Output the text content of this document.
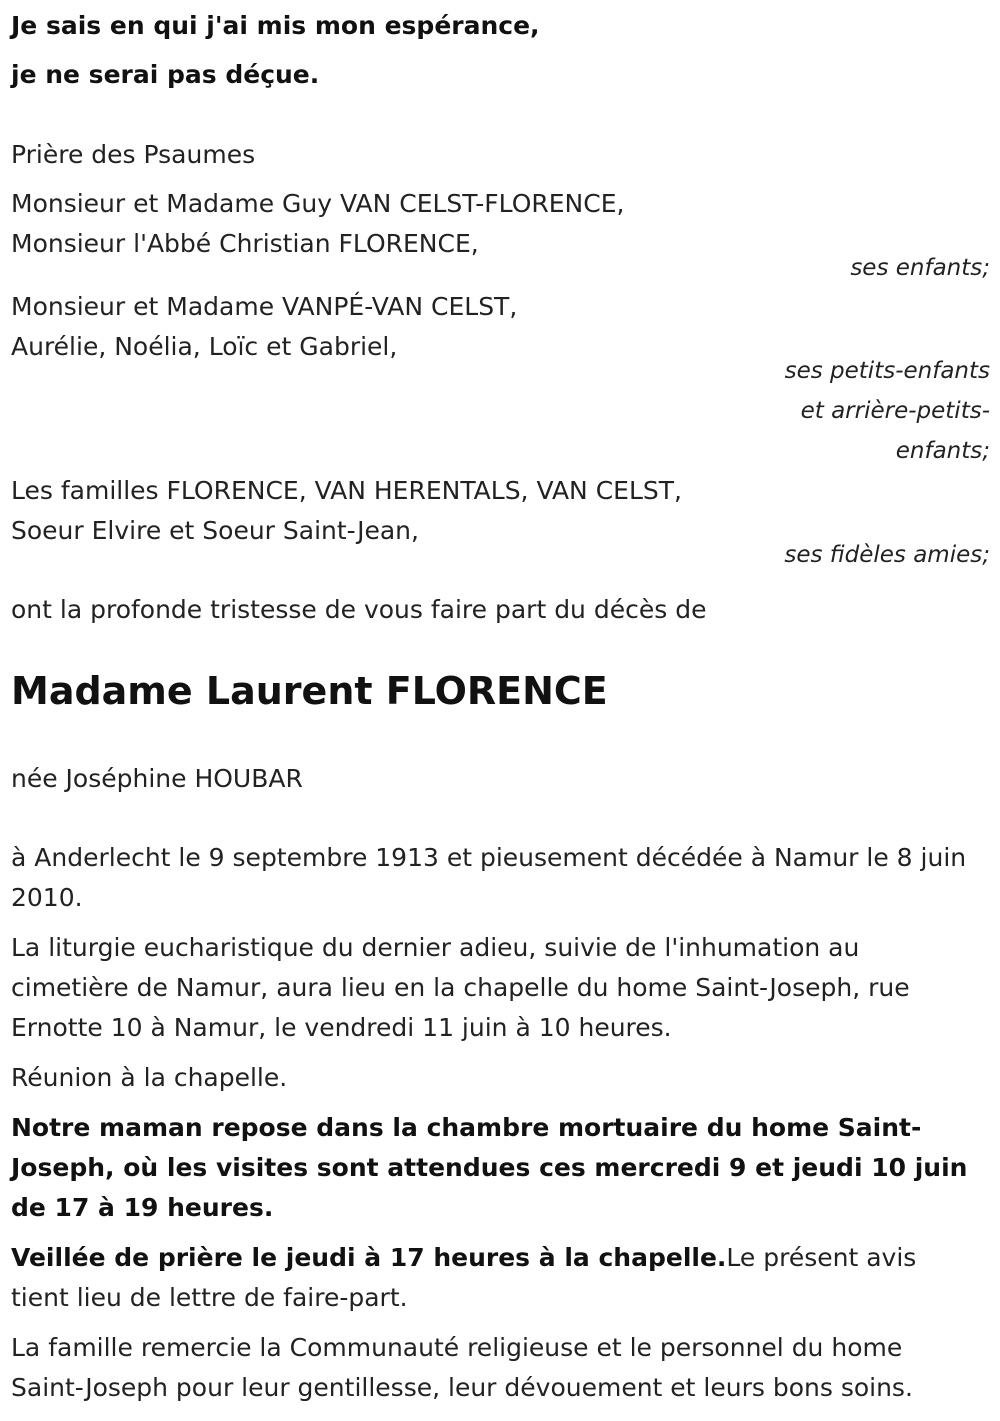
Je sais en qui j'ai mis mon espérance,

je ne serai pas déçue.

Prière des Psaumes

Monsieur et Madame Guy VAN CELST-FLORENCE,

Monsieur l'Abbé Christian FLORENCE,

ses enfants;

Monsieur et Madame VANPÉ-VAN CELST,

Aurélie, Noélia, Loïc et Gabriel,

ses petits-enfants

et arrière-petits-

enfants;

Les familles FLORENCE, VAN HERENTALS, VAN CELST,

Soeur Elvire et Soeur Saint-Jean,

ses fidèles amies;

ont la profonde tristesse de vous faire part du décès de

Madame Laurent FLORENCE

née Joséphine HOUBAR

à Anderlecht le 9 septembre 1913 et pieusement décédée à Namur le 8 juin 2010.

La liturgie eucharistique du dernier adieu, suivie de l'inhumation au cimetière de Namur, aura lieu en la chapelle du home Saint-Joseph, rue Ernotte 10 à Namur, le vendredi 11 juin à 10 heures.

Réunion à la chapelle.

Notre maman repose dans la chambre mortuaire du home Saint-Joseph, où les visites sont attendues ces mercredi 9 et jeudi 10 juin de 17 à 19 heures.

Veillée de prière le jeudi à 17 heures à la chapelle.Le présent avis tient lieu de lettre de faire-part.

La famille remercie la Communauté religieuse et le personnel du home Saint-Joseph pour leur gentillesse, leur dévouement et leurs bons soins.
